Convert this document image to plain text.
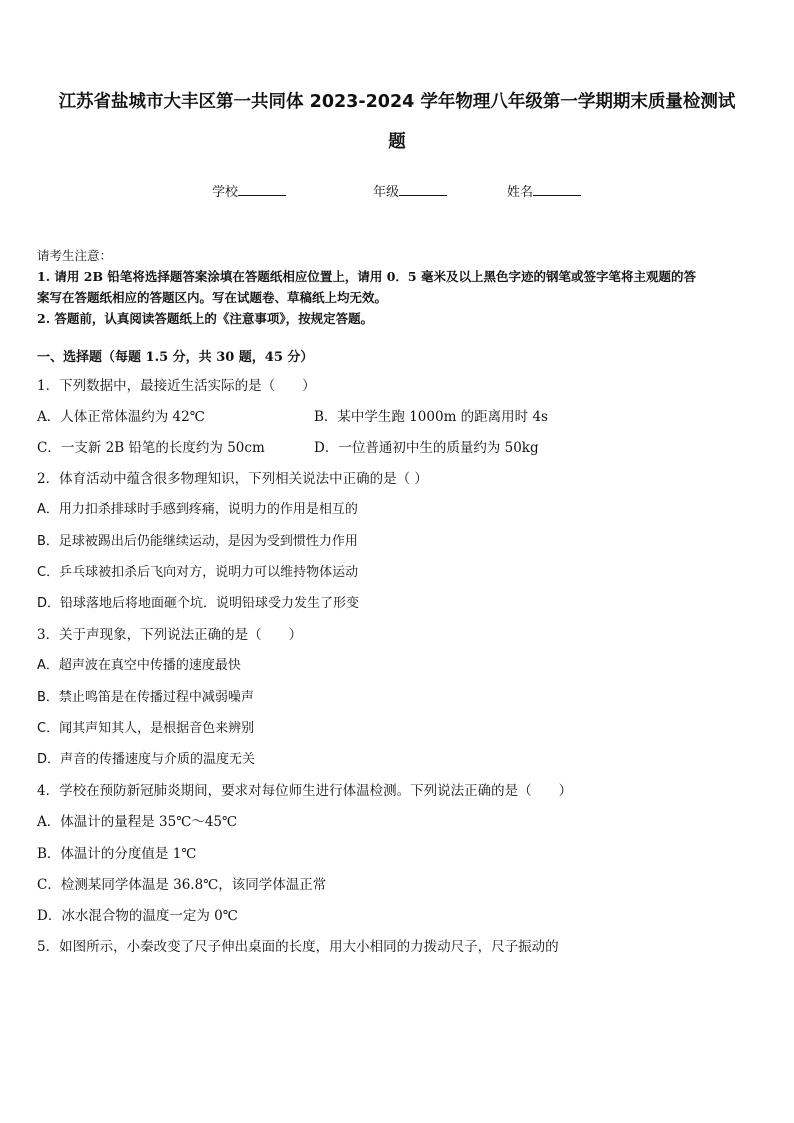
江苏省盐城市大丰区第一共同体 2023-2024 学年物理八年级第一学期期末质量检测试
题
学校	年级	姓名
请考生注意：
1. 请用 2B 铅笔将选择题答案涂填在答题纸相应位置上，请用 0．5 毫米及以上黑色字迹的钢笔或签字笔将主观题的答
案写在答题纸相应的答题区内。写在试题卷、草稿纸上均无效。
2. 答题前，认真阅读答题纸上的《注意事项》，按规定答题。
一、选择题（每题 1.5 分，共 30 题，45 分）
1．下列数据中，最接近生活实际的是（　　）
A．人体正常体温约为 42℃	B．某中学生跑 1000m 的距离用时 4s
C．一支新 2B 铅笔的长度约为 50cm	D．一位普通初中生的质量约为 50kg
2．体育活动中蕴含很多物理知识，下列相关说法中正确的是（ ）
A．用力扣杀排球时手感到疼痛，说明力的作用是相互的
B．足球被踢出后仍能继续运动，是因为受到惯性力作用
C．乒乓球被扣杀后飞向对方，说明力可以维持物体运动
D．铅球落地后将地面砸个坑．说明铅球受力发生了形变
3．关于声现象，下列说法正确的是（　　）
A．超声波在真空中传播的速度最快
B．禁止鸣笛是在传播过程中减弱噪声
C．闻其声知其人，是根据音色来辨别
D．声音的传播速度与介质的温度无关
4．学校在预防新冠肺炎期间，要求对每位师生进行体温检测。下列说法正确的是（　　）
A．体温计的量程是 35℃～45℃
B．体温计的分度值是 1℃
C．检测某同学体温是 36.8℃，该同学体温正常
D．冰水混合物的温度一定为 0℃
5．如图所示，小秦改变了尺子伸出桌面的长度，用大小相同的力拨动尺子，尺子振动的
